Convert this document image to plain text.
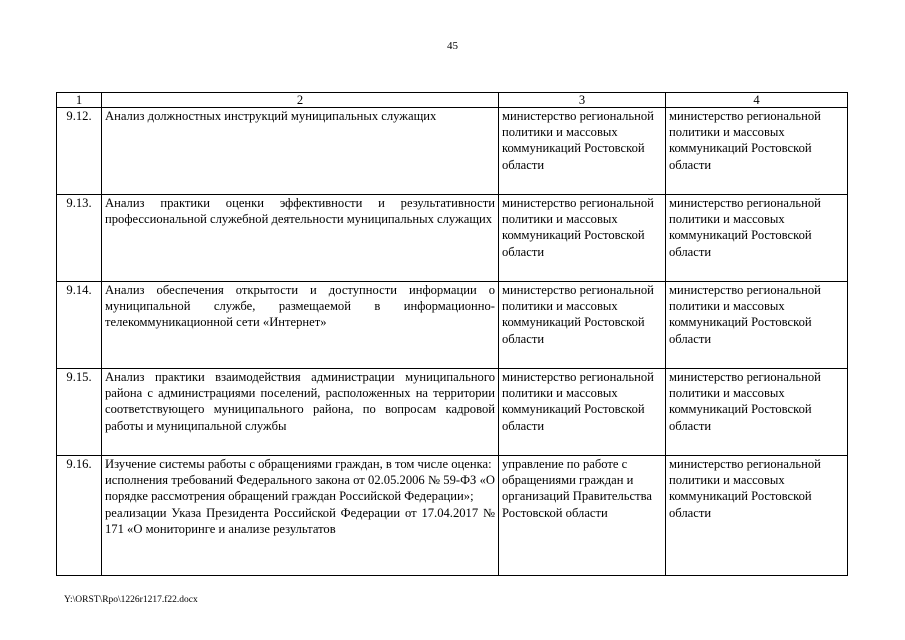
45
1	2	3	4
9.12.	Анализ должностных инструкций муниципальных служащих	министерство региональной политики и массовых коммуникаций Ростовской области	министерство региональной политики и массовых коммуникаций Ростовской области
9.13.	Анализ практики оценки эффективности и результативности профессиональной служебной деятельности муниципальных служащих	министерство региональной политики и массовых коммуникаций Ростовской области	министерство региональной политики и массовых коммуникаций Ростовской области
9.14.	Анализ обеспечения открытости и доступности информации о муниципальной службе, размещаемой в информационно-телекоммуникационной сети «Интернет»	министерство региональной политики и массовых коммуникаций Ростовской области	министерство региональной политики и массовых коммуникаций Ростовской области
9.15.	Анализ практики взаимодействия администрации муниципального района с администрациями поселений, расположенных на территории соответствующего муниципального района, по вопросам кадровой работы и муниципальной службы	министерство региональной политики и массовых коммуникаций Ростовской области	министерство региональной политики и массовых коммуникаций Ростовской области
9.16.	Изучение системы работы с обращениями граждан, в том числе оценка:
исполнения требований Федерального закона от 02.05.2006 № 59-ФЗ «О порядке рассмотрения обращений граждан Российской Федерации»;
реализации Указа Президента Российской Федерации от 17.04.2017 № 171 «О мониторинге и анализе результатов	управление по работе с обращениями граждан и организаций Правительства Ростовской области	министерство региональной политики и массовых коммуникаций Ростовской области
Y:\ORST\Rpo\1226r1217.f22.docx
